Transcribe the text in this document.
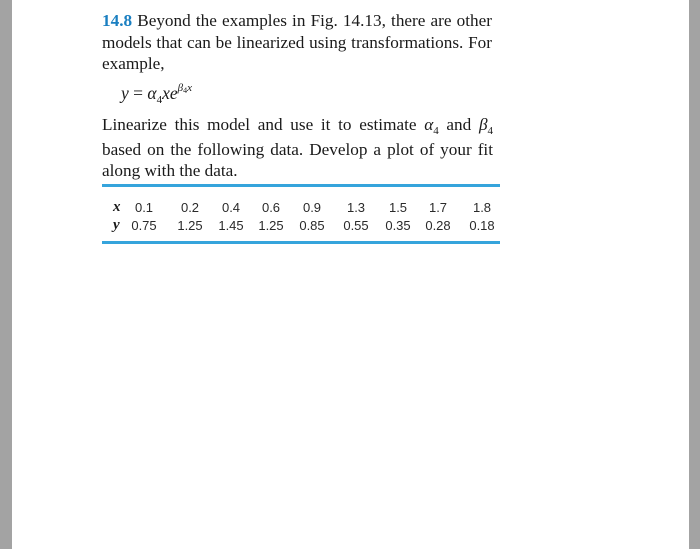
14.8 Beyond the examples in Fig. 14.13, there are other models that can be linearized using transformations. For example,

$y = \alpha_4xe^{\beta_4x}$

Linearize this model and use it to estimate $\alpha_4$ and $\beta_4$ based on the following data. Develop a plot of your fit along with the data.

x 0.1 0.2 0.4 0.6 0.9 1.3 1.5 1.7 1.8
y 0.75 1.25 1.45 1.25 0.85 0.55 0.35 0.28 0.18
